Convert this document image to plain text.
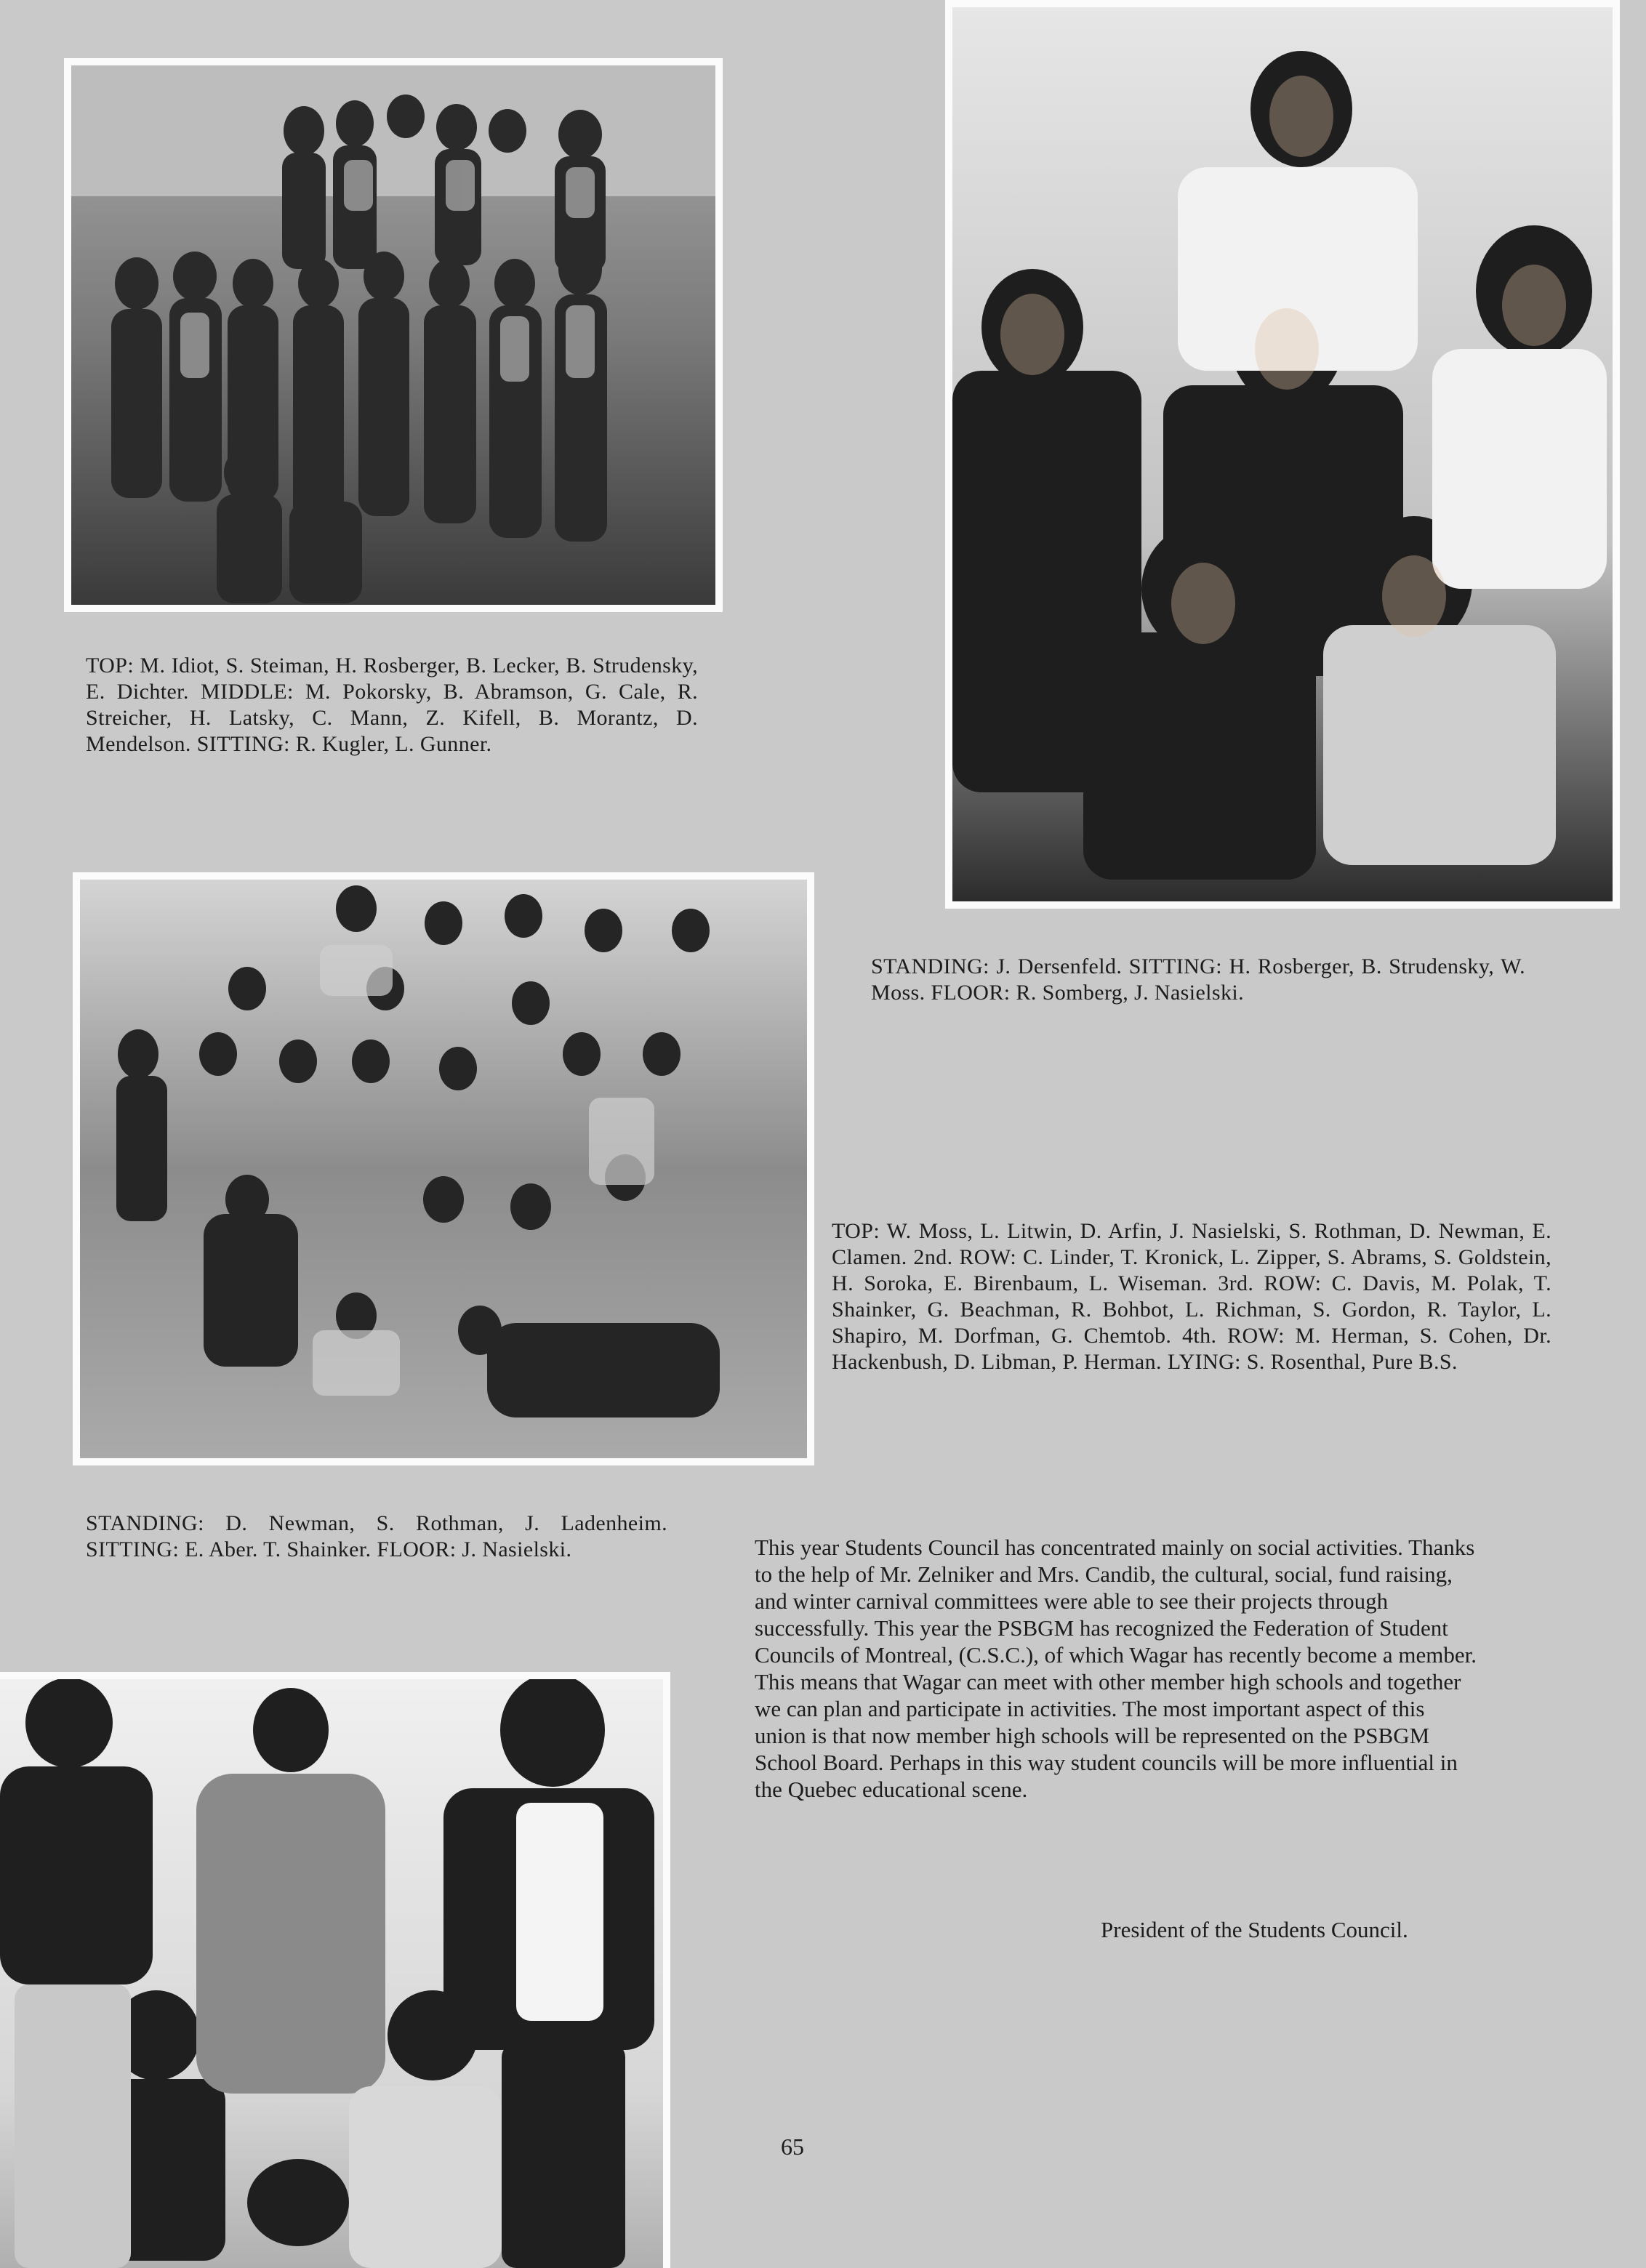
TOP: M. Idiot, S. Steiman, H. Rosberger, B. Lecker, B. Strudensky, E. Dichter. MIDDLE: M. Pokorsky, B. Abramson, G. Cale, R. Streicher, H. Latsky, C. Mann, Z. Kifell, B. Morantz, D. Mendelson. SITTING: R. Kugler, L. Gunner.

STANDING: J. Dersenfeld. SITTING: H. Rosberger, B. Strudensky, W. Moss. FLOOR: R. Somberg, J. Nasielski.

TOP: W. Moss, L. Litwin, D. Arfin, J. Nasielski, S. Rothman, D. Newman, E. Clamen. 2nd. ROW: C. Linder, T. Kronick, L. Zipper, S. Abrams, S. Goldstein, H. Soroka, E. Birenbaum, L. Wiseman. 3rd. ROW: C. Davis, M. Polak, T. Shainker, G. Beachman, R. Bohbot, L. Richman, S. Gordon, R. Taylor, L. Shapiro, M. Dorfman, G. Chemtob. 4th. ROW: M. Herman, S. Cohen, Dr. Hackenbush, D. Libman, P. Herman. LYING: S. Rosenthal, Pure B.S.

STANDING: D. Newman, S. Rothman, J. Ladenheim. SITTING: E. Aber. T. Shainker. FLOOR: J. Nasielski.	This year Students Council has concentrated mainly on social activities. Thanks to the help of Mr. Zelniker and Mrs. Candib, the cultural, social, fund raising, and winter carnival committees were able to see their projects through successfully. This year the PSBGM has recognized the Federation of Student Councils of Montreal, (C.S.C.), of which Wagar has recently become a member. This means that Wagar can meet with other member high schools and together we can plan and participate in activities. The most important aspect of this union is that now member high schools will be represented on the PSBGM School Board. Perhaps in this way student councils will be more influential in the Quebec educational scene.

President of the Students Council.

65
